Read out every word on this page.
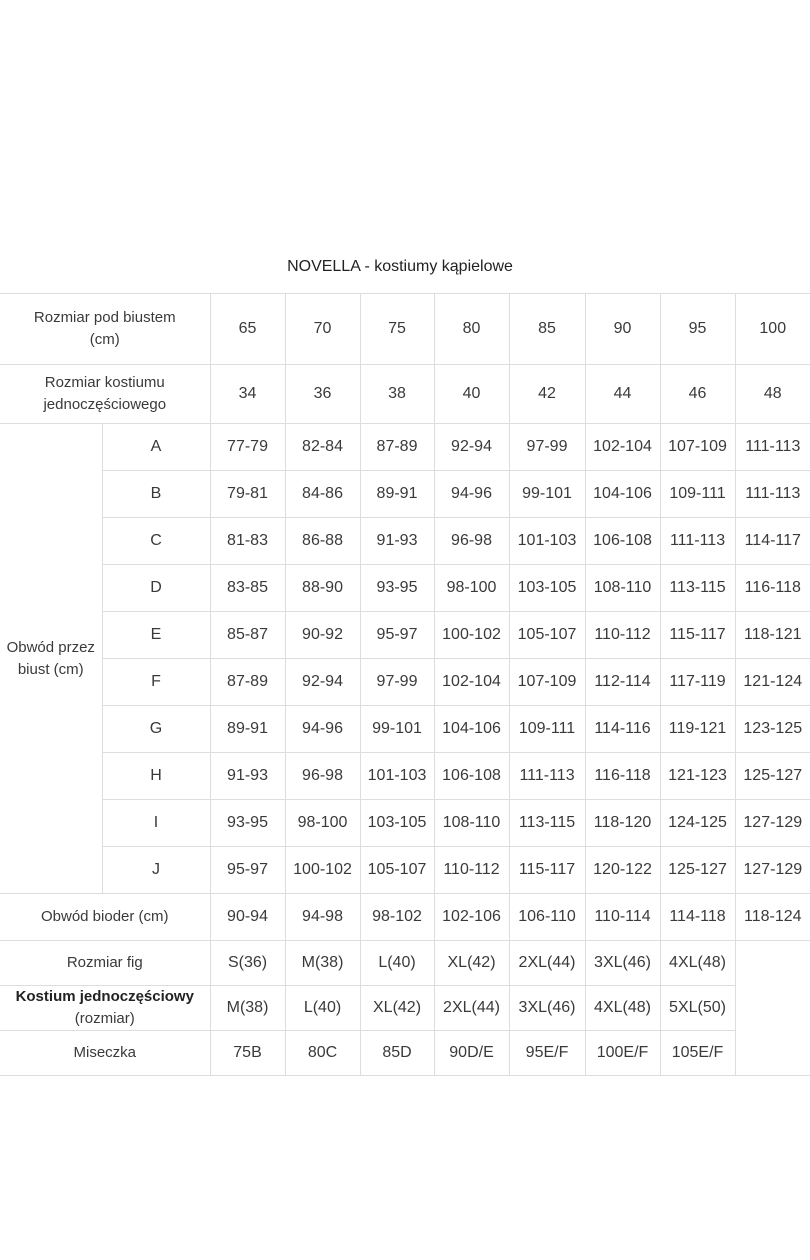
NOVELLA - kostiumy kąpielowe
Rozmiar pod biustem
(cm)		65	70	75	80	85	90	95	100

Rozmiar kostiumu
jednoczęściowego		34	36	38	40	42	44	46	48

Obwód przez
biust (cm)	A	77-79	82-84	87-89	92-94	97-99	102-104	107-109	111-113
	B	79-81	84-86	89-91	94-96	99-101	104-106	109-111	111-113
	C	81-83	86-88	91-93	96-98	101-103	106-108	111-113	114-117
	D	83-85	88-90	93-95	98-100	103-105	108-110	113-115	116-118
	E	85-87	90-92	95-97	100-102	105-107	110-112	115-117	118-121
	F	87-89	92-94	97-99	102-104	107-109	112-114	117-119	121-124
	G	89-91	94-96	99-101	104-106	109-111	114-116	119-121	123-125
	H	91-93	96-98	101-103	106-108	111-113	116-118	121-123	125-127
	I	93-95	98-100	103-105	108-110	113-115	118-120	124-125	127-129
	J	95-97	100-102	105-107	110-112	115-117	120-122	125-127	127-129
Obwód bioder (cm)		90-94	94-98	98-102	102-106	106-110	110-114	114-118	118-124
Rozmiar fig		S(36)	M(38)	L(40)	XL(42)	2XL(44)	3XL(46)	4XL(48)	

Kostium jednoczęściowy
(rozmiar)		M(38)	L(40)	XL(42)	2XL(44)	3XL(46)	4XL(48)	5XL(50)	
Miseczka		75B	80C	85D	90D/E	95E/F	100E/F	105E/F	
